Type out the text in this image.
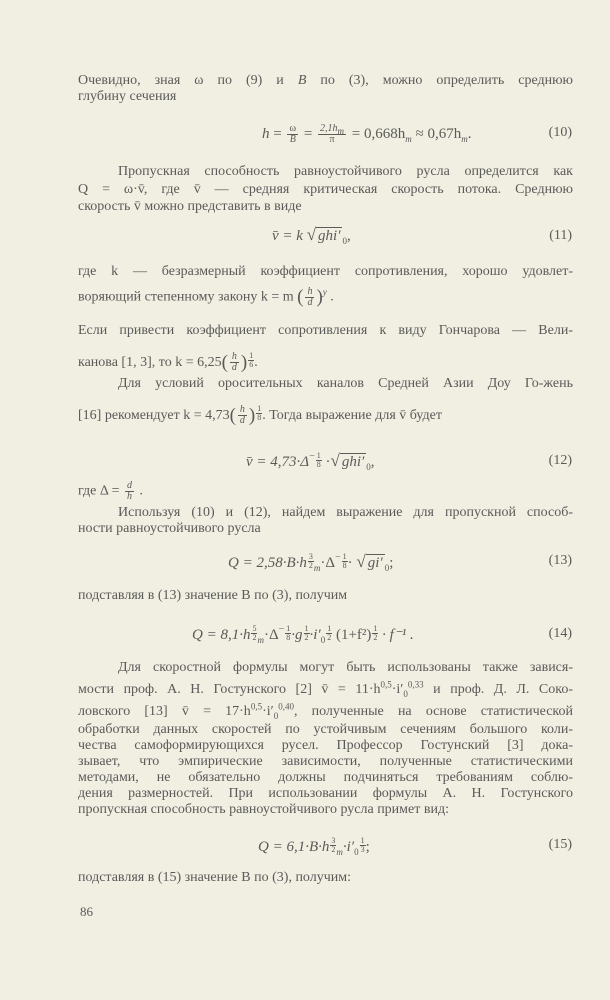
Очевидно, зная ω по (9) и B по (3), можно определить среднюю
глубину сечения
$h = \frac{\omega}{B} = \frac{2,1h_m}{\pi} = 0,668h_m \approx 0,67h_m$.	(10)
Пропускная способность равноустойчивого русла определится как
Q = ω·v̄, где v̄ — средняя критическая скорость потока. Среднюю
скорость v̄ можно представить в виде
v̄ = k √ ghi′ $_0$,	(11)
где k — безразмерный коэффициент сопротивления, хорошо удовлет-
воряющий степенному закону k = m ( $\frac{h}{d} )^y$ .
Если привести коэффициент сопротивления к виду Гончарова — Вели-
канова [1, 3], то $k = 6,25( \frac{h}{d}$ ) $\frac{1}{6}$ .
Для условий оросительных каналов Средней Азии Доу Го-жень
[16] рекомендует $k = 4,73( \frac{h}{d}$ ) $\frac{1}{8}$ . Тогда выражение для v̄ будет
v̄ = $4,73\cdot\Delta^- \frac{1}{8}$ ·√ ghi′ $_0$,	(12)
где $\Delta = \frac{d}{h}$ .
Используя (10) и (12), найдем выражение для пропускной способ-
ности равноустойчивого русла
$Q = 2,58\cdot B\cdot h \frac{3}{2} _m\cdot\Delta^- \frac{1}{8}$ · √ gi′ $_0$;	(13)
подставляя в (13) значение B по (3), получим
$Q = 8,1\cdot h \frac{5}{2} _m\cdot\Delta^- \frac{1}{8} \cdot g \frac{1}{2} \cdot i'_0 \frac{1}{2} (1+f^2) \frac{1}{2} \cdot f^{-1}$ .	(14)
Для скоростной формулы могут быть использованы также завися-
мости проф. А. Н. Гостунского [2] v̄ = $11\cdot h^{0,5}\cdot i'_0^{0,33}$ и проф. Д. Л. Соко-
ловского [13] v̄ = $17\cdot h^{0,5}\cdot i'_0^{0,40}$, полученные на основе статистической
обработки данных скоростей по устойчивым сечениям большого коли-
чества самоформирующихся русел. Профессор Гостунский [3] дока-
зывает, что эмпирические зависимости, полученные статистическими
методами, не обязательно должны подчиняться требованиям соблю-
дения размерностей. При использовании формулы А. Н. Гостунского
пропускная способность равноустойчивого русла примет вид:
$Q = 6,1\cdot B\cdot h \frac{3}{2} _m\cdot i'_0 \frac{1}{3}$ ;	(15)
подставляя в (15) значение B по (3), получим:
86
